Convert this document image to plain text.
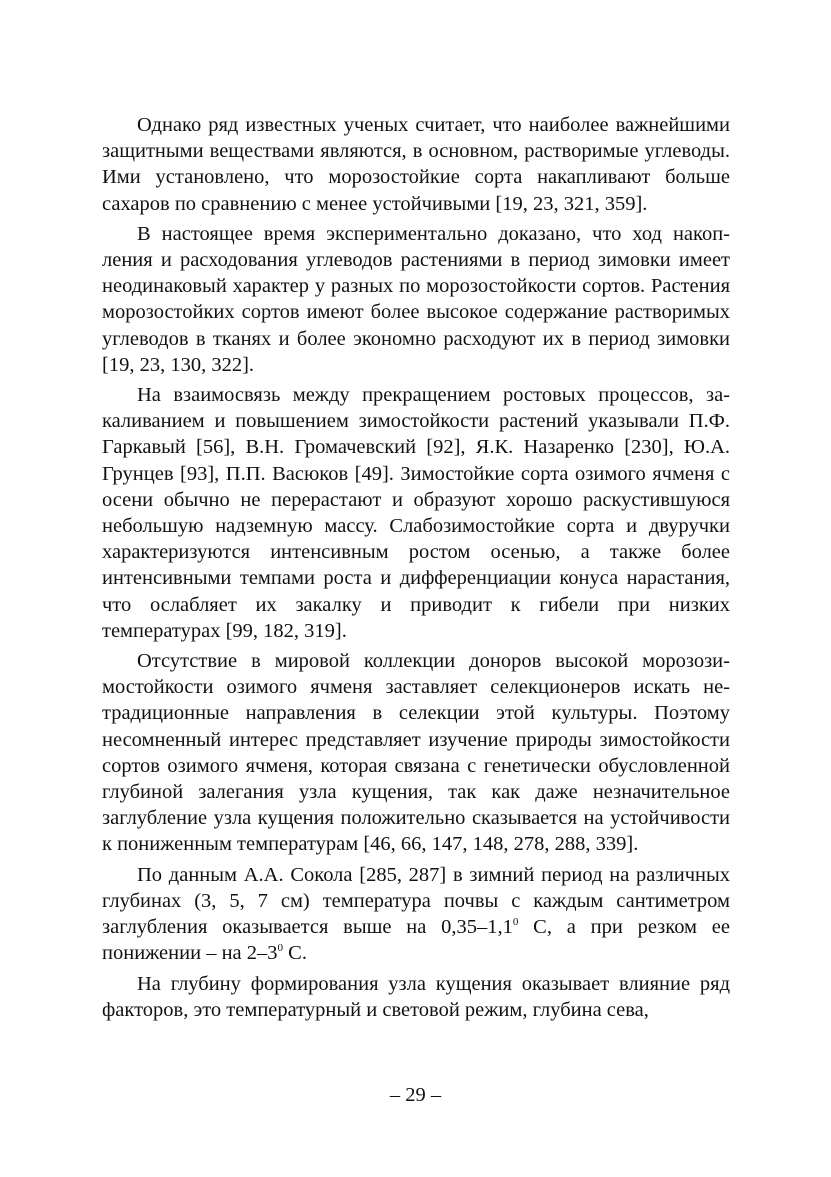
Однако ряд известных ученых считает, что наиболее важнейшими защитными веществами являются, в основном, растворимые углеводы. Ими установлено, что морозостойкие сорта накапливают больше сахаров по сравнению с менее устойчивыми [19, 23, 321, 359].

В настоящее время экспериментально доказано, что ход накопления и расходования углеводов растениями в период зимовки имеет неодинаковый характер у разных по морозостойкости сортов. Растения морозостойких сортов имеют более высокое содержание растворимых углеводов в тканях и более экономно расходуют их в период зимовки [19, 23, 130, 322].

На взаимосвязь между прекращением ростовых процессов, закаливанием и повышением зимостойкости растений указывали П.Ф. Гаркавый [56], В.Н. Громачевский [92], Я.К. Назаренко [230], Ю.А. Грунцев [93], П.П. Васюков [49]. Зимостойкие сорта озимого ячменя с осени обычно не перерастают и образуют хорошо раскустившуюся небольшую надземную массу. Слабозимостойкие сорта и двуручки характеризуются интенсивным ростом осенью, а также более интенсивными темпами роста и дифференциации конуса нарастания, что ослабляет их закалку и приводит к гибели при низких температурах [99, 182, 319].

Отсутствие в мировой коллекции доноров высокой морозозимостойкости озимого ячменя заставляет селекционеров искать нетрадиционные направления в селекции этой культуры. Поэтому несомненный интерес представляет изучение природы зимостойкости сортов озимого ячменя, которая связана с генетически обусловленной глубиной залегания узла кущения, так как даже незначительное заглубление узла кущения положительно сказывается на устойчивости к пониженным температурам [46, 66, 147, 148, 278, 288, 339].

По данным А.А. Сокола [285, 287] в зимний период на различных глубинах (3, 5, 7 см) температура почвы с каждым сантиметром заглубления оказывается выше на $0,35-1,1^0$ С, а при резком ее понижении – на $2-3^0$ С.

На глубину формирования узла кущения оказывает влияние ряд факторов, это температурный и световой режим, глубина сева,

– 29 –
